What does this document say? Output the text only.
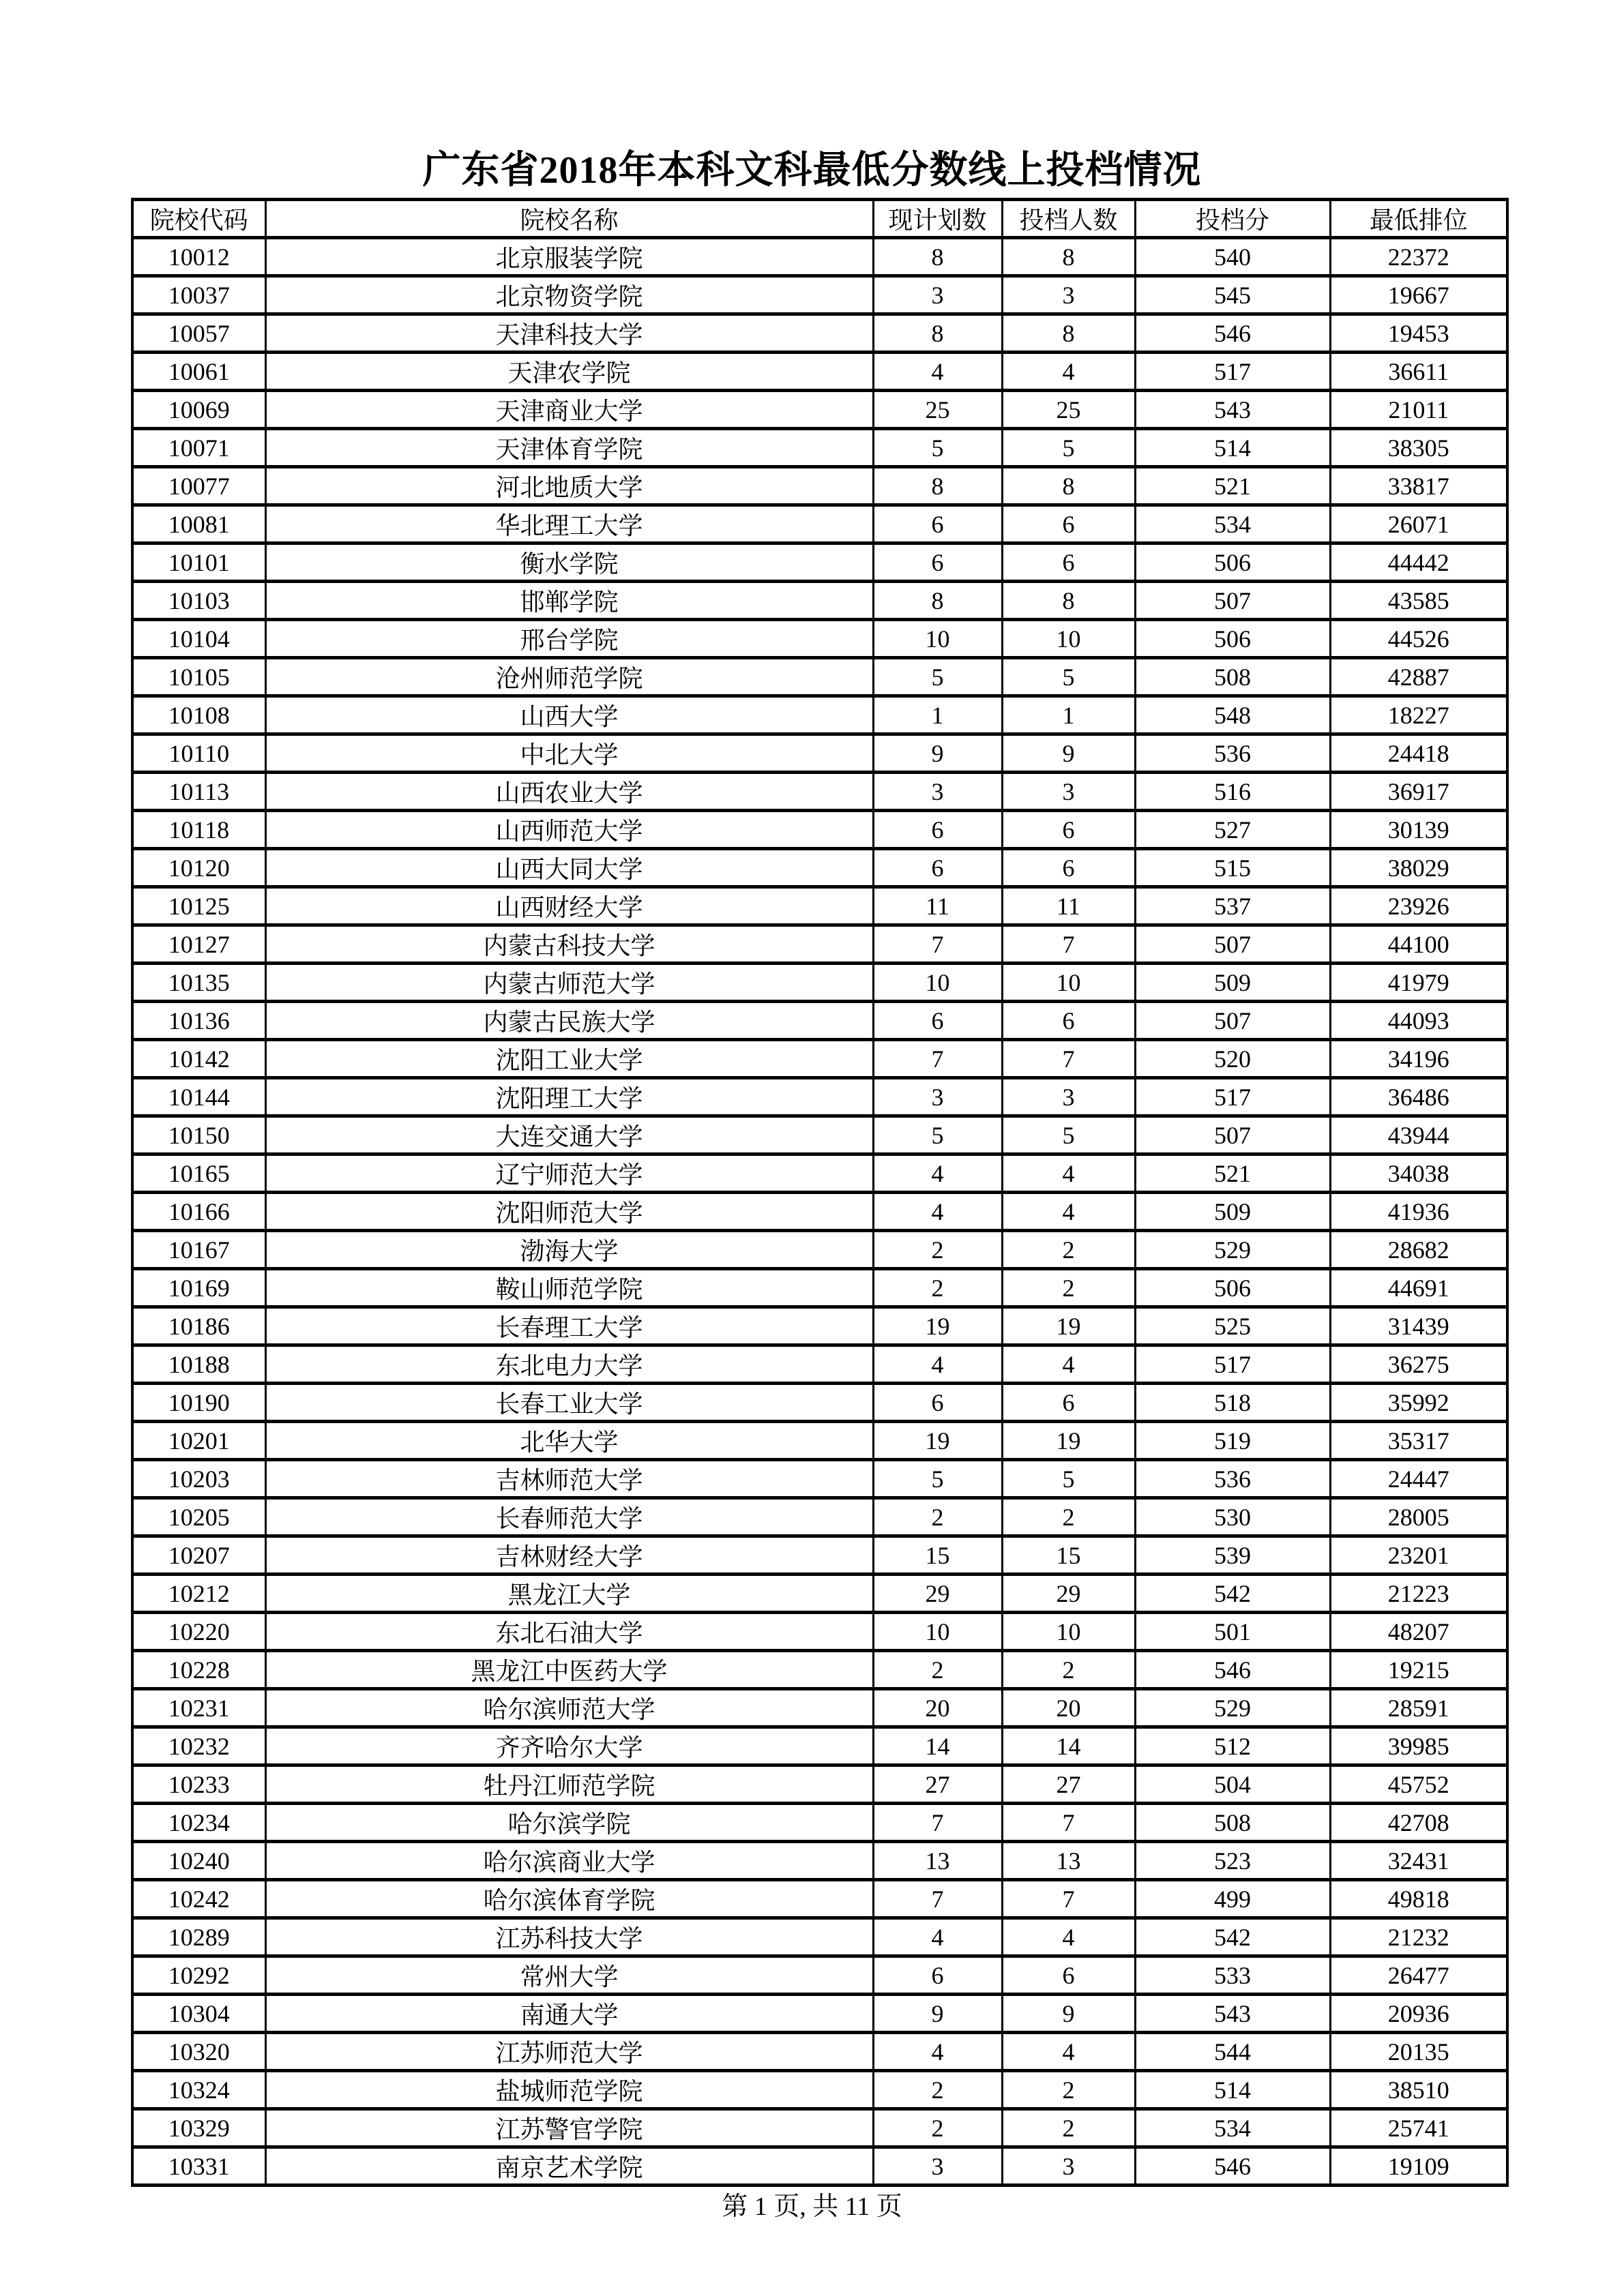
广东省2018年本科文科最低分数线上投档情况
院校代码	院校名称	现计划数	投档人数	投档分	最低排位
10012	北京服装学院	8	8	540	22372
10037	北京物资学院	3	3	545	19667
10057	天津科技大学	8	8	546	19453
10061	天津农学院	4	4	517	36611
10069	天津商业大学	25	25	543	21011
10071	天津体育学院	5	5	514	38305
10077	河北地质大学	8	8	521	33817
10081	华北理工大学	6	6	534	26071
10101	衡水学院	6	6	506	44442
10103	邯郸学院	8	8	507	43585
10104	邢台学院	10	10	506	44526
10105	沧州师范学院	5	5	508	42887
10108	山西大学	1	1	548	18227
10110	中北大学	9	9	536	24418
10113	山西农业大学	3	3	516	36917
10118	山西师范大学	6	6	527	30139
10120	山西大同大学	6	6	515	38029
10125	山西财经大学	11	11	537	23926
10127	内蒙古科技大学	7	7	507	44100
10135	内蒙古师范大学	10	10	509	41979
10136	内蒙古民族大学	6	6	507	44093
10142	沈阳工业大学	7	7	520	34196
10144	沈阳理工大学	3	3	517	36486
10150	大连交通大学	5	5	507	43944
10165	辽宁师范大学	4	4	521	34038
10166	沈阳师范大学	4	4	509	41936
10167	渤海大学	2	2	529	28682
10169	鞍山师范学院	2	2	506	44691
10186	长春理工大学	19	19	525	31439
10188	东北电力大学	4	4	517	36275
10190	长春工业大学	6	6	518	35992
10201	北华大学	19	19	519	35317
10203	吉林师范大学	5	5	536	24447
10205	长春师范大学	2	2	530	28005
10207	吉林财经大学	15	15	539	23201
10212	黑龙江大学	29	29	542	21223
10220	东北石油大学	10	10	501	48207
10228	黑龙江中医药大学	2	2	546	19215
10231	哈尔滨师范大学	20	20	529	28591
10232	齐齐哈尔大学	14	14	512	39985
10233	牡丹江师范学院	27	27	504	45752
10234	哈尔滨学院	7	7	508	42708
10240	哈尔滨商业大学	13	13	523	32431
10242	哈尔滨体育学院	7	7	499	49818
10289	江苏科技大学	4	4	542	21232
10292	常州大学	6	6	533	26477
10304	南通大学	9	9	543	20936
10320	江苏师范大学	4	4	544	20135
10324	盐城师范学院	2	2	514	38510
10329	江苏警官学院	2	2	534	25741
10331	南京艺术学院	3	3	546	19109
第 1 页, 共 11 页
